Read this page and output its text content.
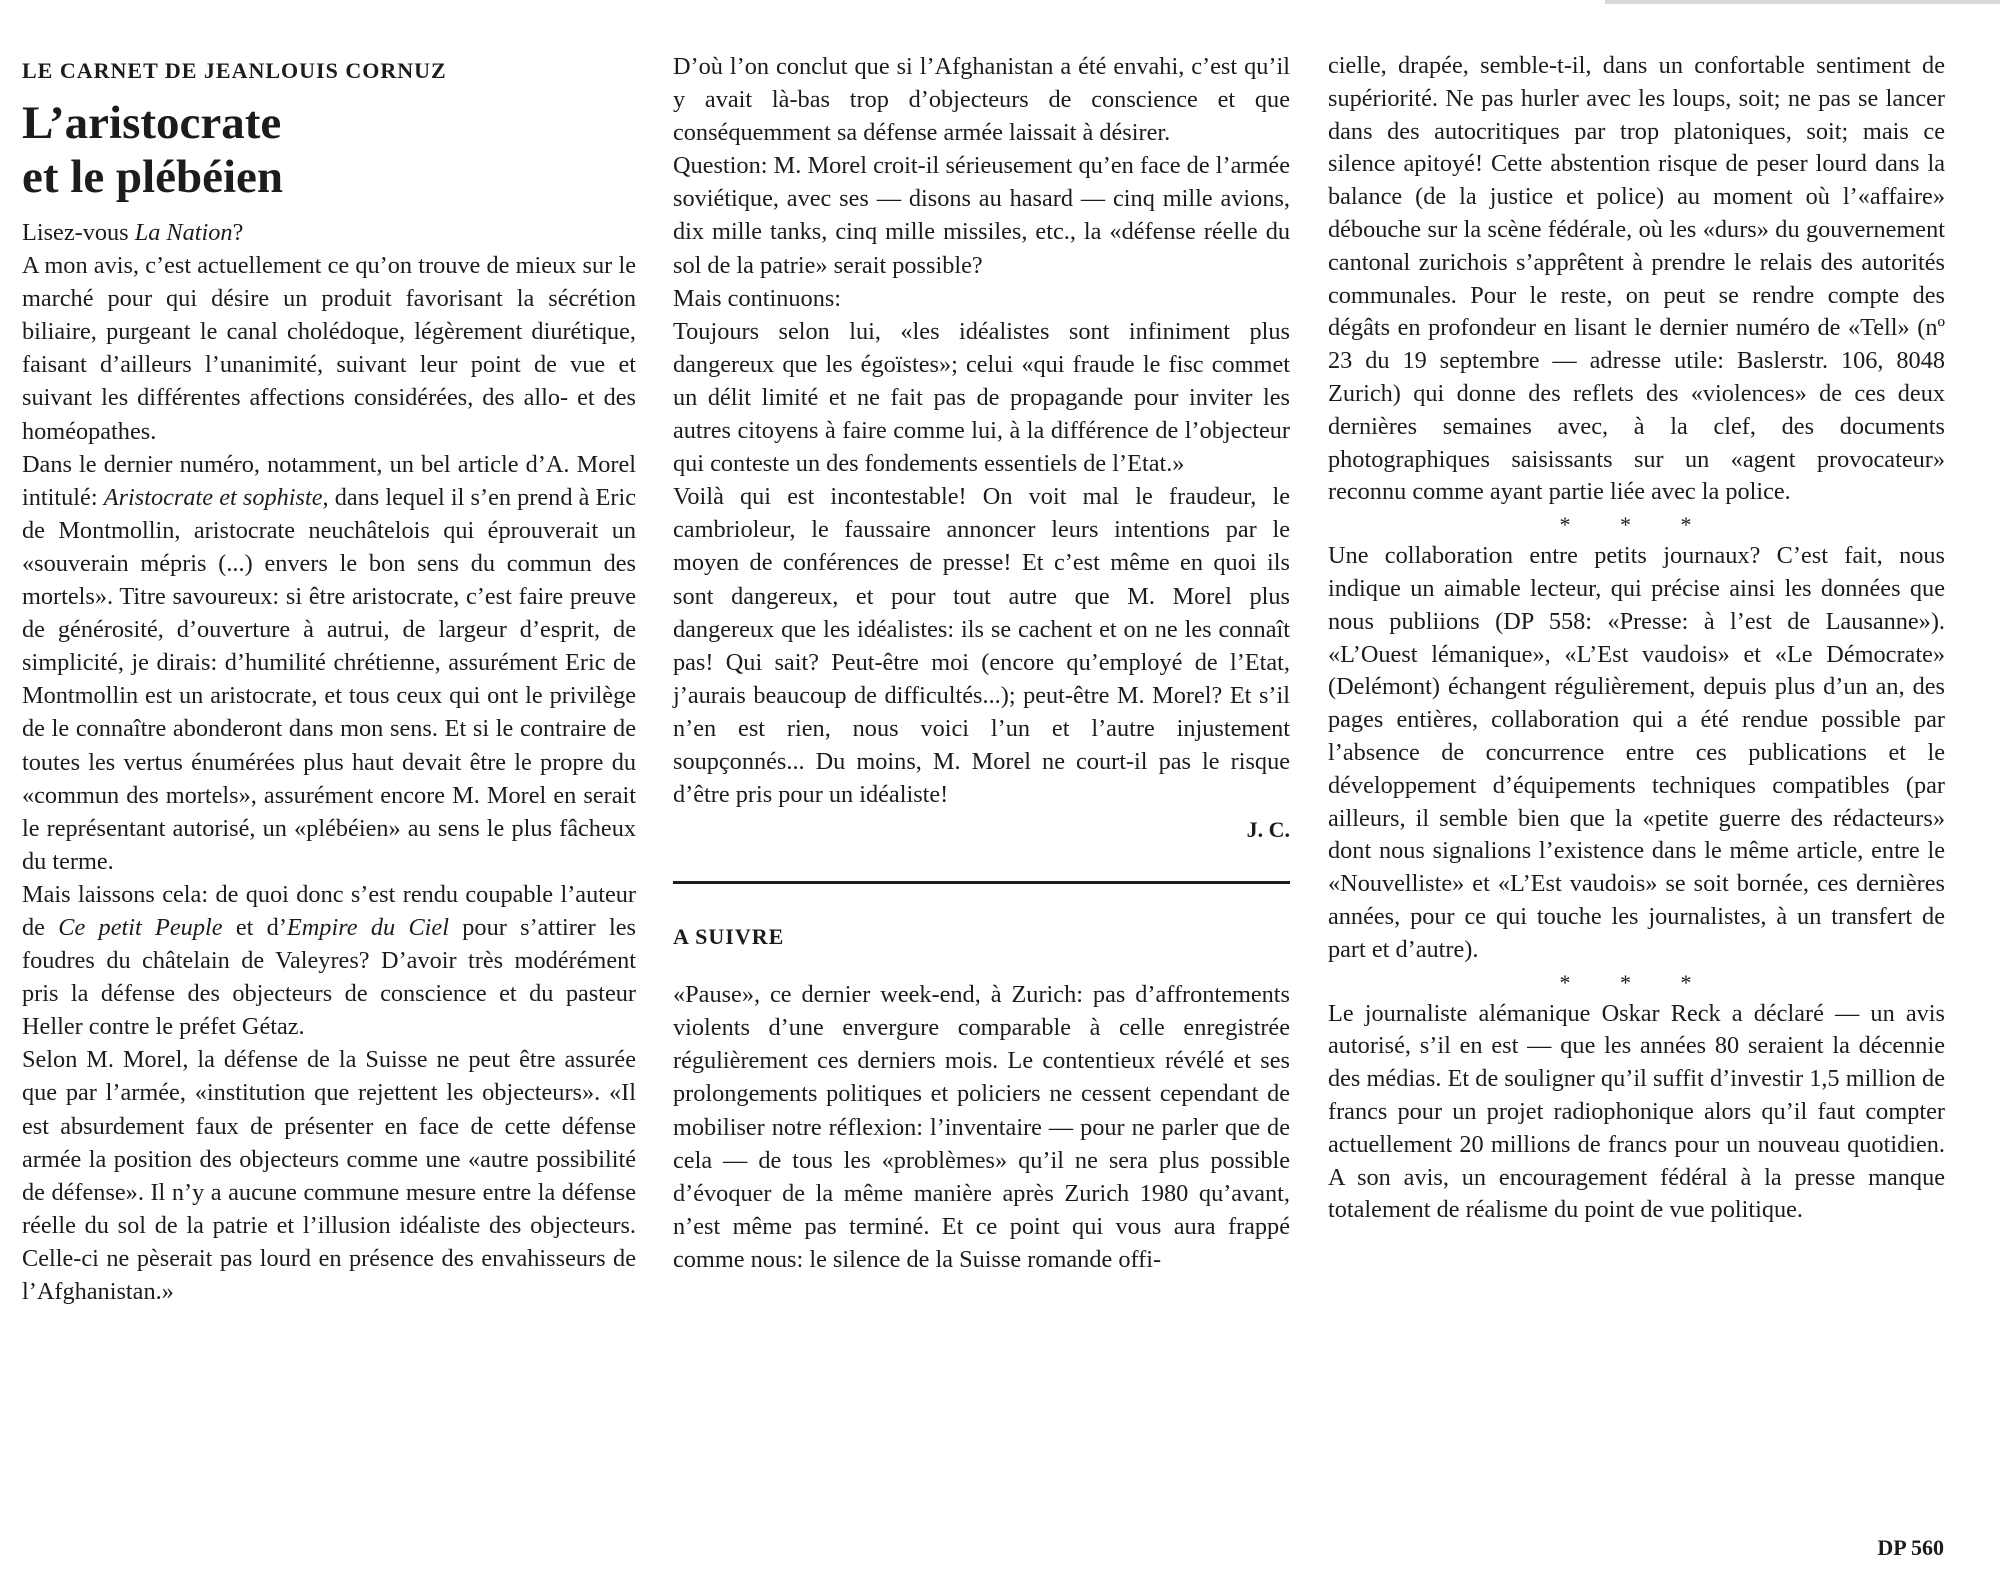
LE CARNET DE JEANLOUIS CORNUZ
L’aristocrate
et le plébéien

Lisez-vous La Nation?

A mon avis, c’est actuellement ce qu’on trouve de mieux sur le marché pour qui désire un produit favorisant la sécrétion biliaire, purgeant le canal cholédoque, légèrement diurétique, faisant d’ailleurs l’unanimité, suivant leur point de vue et suivant les différentes affections considérées, des allo- et des homéopathes.

Dans le dernier numéro, notamment, un bel article d’A. Morel intitulé: Aristocrate et sophiste, dans lequel il s’en prend à Eric de Montmollin, aristocrate neuchâtelois qui éprouverait un «souverain mépris (...) envers le bon sens du commun des mortels». Titre savoureux: si être aristocrate, c’est faire preuve de générosité, d’ouverture à autrui, de largeur d’esprit, de simplicité, je dirais: d’humilité chrétienne, assurément Eric de Montmollin est un aristocrate, et tous ceux qui ont le privilège de le connaître abonderont dans mon sens. Et si le contraire de toutes les vertus énumérées plus haut devait être le propre du «commun des mortels», assurément encore M. Morel en serait le représentant autorisé, un «plébéien» au sens le plus fâcheux du terme.

Mais laissons cela: de quoi donc s’est rendu coupable l’auteur de Ce petit Peuple et d’Empire du Ciel pour s’attirer les foudres du châtelain de Valeyres? D’avoir très modérément pris la défense des objecteurs de conscience et du pasteur Heller contre le préfet Gétaz.

Selon M. Morel, la défense de la Suisse ne peut être assurée que par l’armée, «institution que rejettent les objecteurs». «Il est absurdement faux de présenter en face de cette défense armée la position des objecteurs comme une «autre possibilité de défense». Il n’y a aucune commune mesure entre la défense réelle du sol de la patrie et l’illusion idéaliste des objecteurs. Celle-ci ne pèserait pas lourd en présence des envahisseurs de l’Afghanistan.»

D’où l’on conclut que si l’Afghanistan a été envahi, c’est qu’il y avait là-bas trop d’objecteurs de conscience et que conséquemment sa défense armée laissait à désirer.

Question: M. Morel croit-il sérieusement qu’en face de l’armée soviétique, avec ses — disons au hasard — cinq mille avions, dix mille tanks, cinq mille missiles, etc., la «défense réelle du sol de la patrie» serait possible?

Mais continuons:

Toujours selon lui, «les idéalistes sont infiniment plus dangereux que les égoïstes»; celui «qui fraude le fisc commet un délit limité et ne fait pas de propagande pour inviter les autres citoyens à faire comme lui, à la différence de l’objecteur qui conteste un des fondements essentiels de l’Etat.»

Voilà qui est incontestable! On voit mal le fraudeur, le cambrioleur, le faussaire annoncer leurs intentions par le moyen de conférences de presse! Et c’est même en quoi ils sont dangereux, et pour tout autre que M. Morel plus dangereux que les idéalistes: ils se cachent et on ne les connaît pas! Qui sait? Peut-être moi (encore qu’employé de l’Etat, j’aurais beaucoup de difficultés...); peut-être M. Morel? Et s’il n’en est rien, nous voici l’un et l’autre injustement soupçonnés... Du moins, M. Morel ne court-il pas le risque d’être pris pour un idéaliste!

J. C.
A SUIVRE

«Pause», ce dernier week-end, à Zurich: pas d’affrontements violents d’une envergure comparable à celle enregistrée régulièrement ces derniers mois. Le contentieux révélé et ses prolongements politiques et policiers ne cessent cependant de mobiliser notre réflexion: l’inventaire — pour ne parler que de cela — de tous les «problèmes» qu’il ne sera plus possible d’évoquer de la même manière après Zurich 1980 qu’avant, n’est même pas terminé. Et ce point qui vous aura frappé comme nous: le silence de la Suisse romande offi-

cielle, drapée, semble-t-il, dans un confortable sentiment de supériorité. Ne pas hurler avec les loups, soit; ne pas se lancer dans des autocritiques par trop platoniques, soit; mais ce silence apitoyé! Cette abstention risque de peser lourd dans la balance (de la justice et police) au moment où l’«affaire» débouche sur la scène fédérale, où les «durs» du gouvernement cantonal zurichois s’apprêtent à prendre le relais des autorités communales. Pour le reste, on peut se rendre compte des dégâts en profondeur en lisant le dernier numéro de «Tell» (nº 23 du 19 septembre — adresse utile: Baslerstr. 106, 8048 Zurich) qui donne des reflets des «violences» de ces deux dernières semaines avec, à la clef, des documents photographiques saisissants sur un «agent provocateur» reconnu comme ayant partie liée avec la police.

* * *

Une collaboration entre petits journaux? C’est fait, nous indique un aimable lecteur, qui précise ainsi les données que nous publiions (DP 558: «Presse: à l’est de Lausanne»). «L’Ouest lémanique», «L’Est vaudois» et «Le Démocrate» (Delémont) échangent régulièrement, depuis plus d’un an, des pages entières, collaboration qui a été rendue possible par l’absence de concurrence entre ces publications et le développement d’équipements techniques compatibles (par ailleurs, il semble bien que la «petite guerre des rédacteurs» dont nous signalions l’existence dans le même article, entre le «Nouvelliste» et «L’Est vaudois» se soit bornée, ces dernières années, pour ce qui touche les journalistes, à un transfert de part et d’autre).

* * *

Le journaliste alémanique Oskar Reck a déclaré — un avis autorisé, s’il en est — que les années 80 seraient la décennie des médias. Et de souligner qu’il suffit d’investir 1,5 million de francs pour un projet radiophonique alors qu’il faut compter actuellement 20 millions de francs pour un nouveau quotidien. A son avis, un encouragement fédéral à la presse manque totalement de réalisme du point de vue politique.

DP 560
